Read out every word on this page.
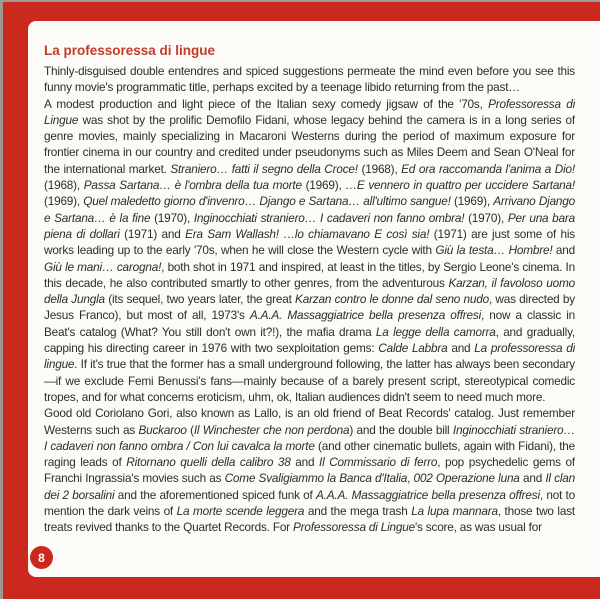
La professoressa di lingue

Thinly-disguised double entendres and spiced suggestions permeate the mind even before you see this funny movie's programmatic title, perhaps excited by a teenage libido returning from the past…

A modest production and light piece of the Italian sexy comedy jigsaw of the '70s, Professoressa di Lingue was shot by the prolific Demofilo Fidani, whose legacy behind the camera is in a long series of genre movies, mainly specializing in Macaroni Westerns during the period of maximum exposure for frontier cinema in our country and credited under pseudonyms such as Miles Deem and Sean O'Neal for the international market. Straniero… fatti il segno della Croce! (1968), Ed ora raccomanda l'anima a Dio! (1968), Passa Sartana… è l'ombra della tua morte (1969), …E vennero in quattro per uccidere Sartana! (1969), Quel maledetto giorno d'invenro… Django e Sartana… all'ultimo sangue! (1969), Arrivano Django e Sartana… è la fine (1970), Inginocchiati straniero… I cadaveri non fanno ombra! (1970), Per una bara piena di dollari (1971) and Era Sam Wallash! …lo chiamavano E così sia! (1971) are just some of his works leading up to the early '70s, when he will close the Western cycle with Giù la testa… Hombre! and Giù le mani… carogna!, both shot in 1971 and inspired, at least in the titles, by Sergio Leone's cinema. In this decade, he also contributed smartly to other genres, from the adventurous Karzan, il favoloso uomo della Jungla (its sequel, two years later, the great Karzan contro le donne dal seno nudo, was directed by Jesus Franco), but most of all, 1973's A.A.A. Massaggiatrice bella presenza offresi, now a classic in Beat's catalog (What? You still don't own it?!), the mafia drama La legge della camorra, and gradually, capping his directing career in 1976 with two sexploitation gems: Calde Labbra and La professoressa di lingue. If it's true that the former has a small underground following, the latter has always been secondary—if we exclude Femi Benussi's fans—mainly because of a barely present script, stereotypical comedic tropes, and for what concerns eroticism, uhm, ok, Italian audiences didn't seem to need much more.

Good old Coriolano Gori, also known as Lallo, is an old friend of Beat Records' catalog. Just remember Westerns such as Buckaroo (Il Winchester che non perdona) and the double bill Inginocchiati straniero… I cadaveri non fanno ombra / Con lui cavalca la morte (and other cinematic bullets, again with Fidani), the raging leads of Ritornano quelli della calibro 38 and Il Commissario di ferro, pop psychedelic gems of Franchi Ingrassia's movies such as Come Svaligiammo la Banca d'Italia, 002 Operazione luna and Il clan dei 2 borsalini and the aforementioned spiced funk of A.A.A. Massaggiatrice bella presenza offresi, not to mention the dark veins of La morte scende leggera and the mega trash La lupa mannara, those two last treats revived thanks to the Quartet Records. For Professoressa di Lingue's score, as was usual for

8
